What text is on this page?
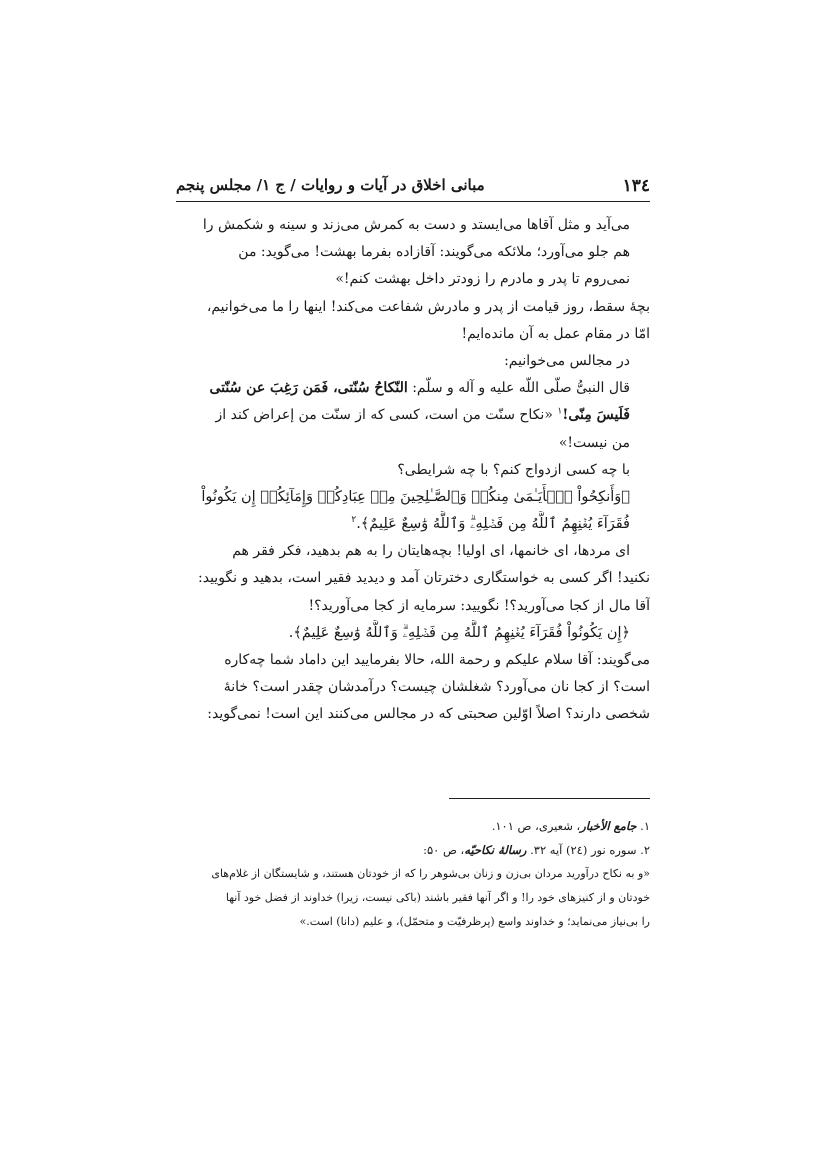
۱۳٤
مبانی اخلاق در آیات و روایات / ج ۱/ مجلس پنجم
می‌آید و مثل آقاها می‌ایستد و دست به کمرش می‌زند و سینه و شکمش را
هم جلو می‌آورد؛ ملائکه می‌گویند: آقازاده بفرما بهشت! می‌گوید: من
نمی‌روم تا پدر و مادرم را زودتر داخل بهشت کنم!»
بچهٔ سقط، روز قیامت از پدر و مادرش شفاعت می‌کند! اینها را ما می‌خوانیم،
امّا در مقام عمل به آن مانده‌ایم!
در مجالس می‌خوانیم:
قال النبیُّ صلّی اللّه علیه و آله و سلّم: النّکاحُ سُنّتی، فَمَن رَغِبَ عن سُنّتی
فَلَیسَ مِنّی!$^۱$ «نکاح سنّت من است، کسی که از سنّت من إعراض کند از
من نیست!»
با چه کسی ازدواج کنم؟ با چه شرایطی؟
﴿وَأَنكِحُواْ ٱلۡأَیَـٰمَىٰ مِنكُمۡ وَٱلصَّـٰلِحِینَ مِنۡ عِبَادِكُمۡ وَإِمَآئِكُمۡ إِن یَكُونُواْ
فُقَرَآءَ یُغۡنِهِمُ ٱللَّهُ مِن فَضۡلِهِۦۗ وَٱللَّهُ وَٰسِعٌ عَلِیمٌ﴾.$^۲$
ای مردها، ای خانمها، ای اولیا! بچه‌هایتان را به هم بدهید، فکر فقر هم
نکنید! اگر کسی به خواستگاری دخترتان آمد و دیدید فقیر است، بدهید و نگویید:
آقا مال از کجا می‌آورید؟! نگویید: سرمایه از کجا می‌آورید؟!
﴿إِن یَكُونُواْ فُقَرَآءَ یُغۡنِهِمُ ٱللَّهُ مِن فَضۡلِهِۦۗ وَٱللَّهُ وَٰسِعٌ عَلِیمٌ﴾.
می‌گویند: آقا سلام علیکم و رحمة الله، حالا بفرمایید این داماد شما چه‌کاره
است؟ از کجا نان می‌آورد؟ شغلشان چیست؟ درآمدشان چقدر است؟ خانهٔ
شخصی دارند؟ اصلاً اوّلین صحبتی که در مجالس می‌کنند این است! نمی‌گوید:
۱. جامع الأخبار، شعیری، ص ۱۰۱.
۲. سوره نور (۲٤) آیه ۳۲. رسالهٔ نکاحیّه، ص ۵۰:
«و به نکاح درآورید مردان بی‌زن و زنان بی‌شوهر را که از خودتان هستند، و شایستگان از غلام‌های
خودتان و از کنیزهای خود را! و اگر آنها فقیر باشند (باکی نیست، زیرا) خداوند از فضل خود آنها
را بی‌نیاز می‌نماید؛ و خداوند واسع (پرظرفیّت و متحمّل)، و علیم (دانا) است.»
